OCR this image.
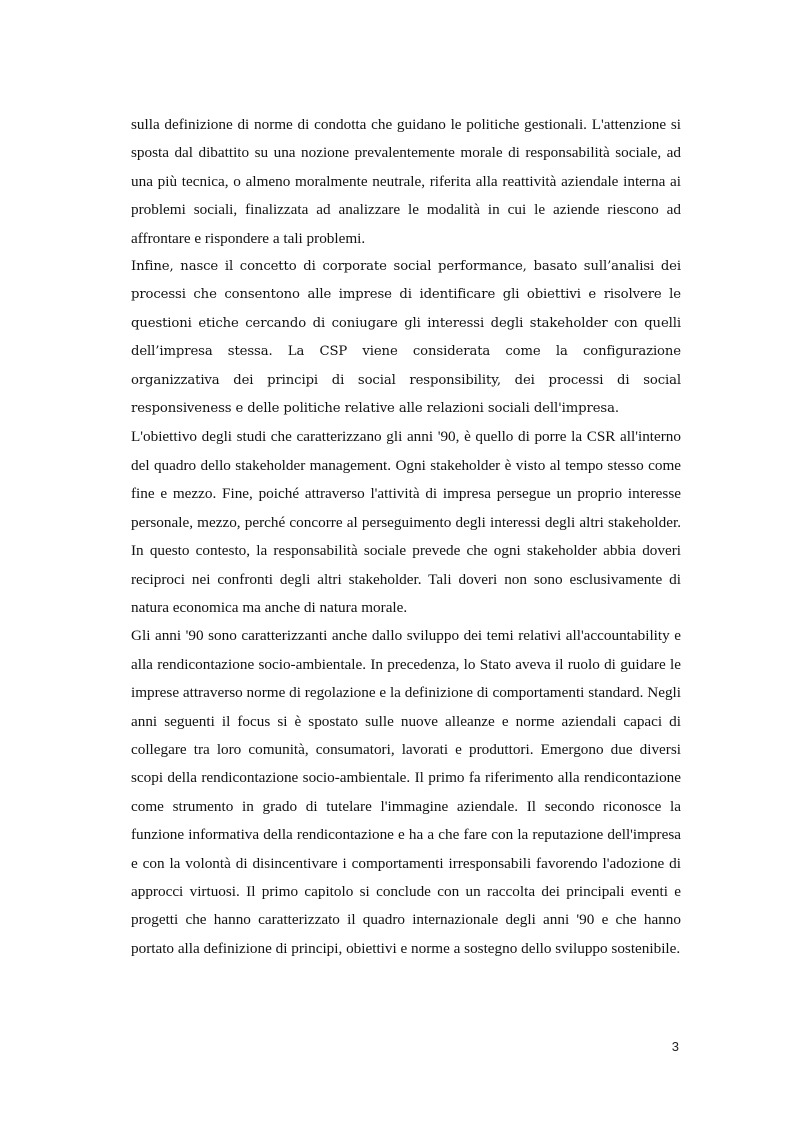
sulla definizione di norme di condotta che guidano le politiche gestionali. L'attenzione si sposta dal dibattito su una nozione prevalentemente morale di responsabilità sociale, ad una più tecnica, o almeno moralmente neutrale, riferita alla reattività aziendale interna ai problemi sociali, finalizzata ad analizzare le modalità in cui le aziende riescono ad affrontare e rispondere a tali problemi.

Infine, nasce il concetto di corporate social performance, basato sull’analisi dei processi che consentono alle imprese di identificare gli obiettivi e risolvere le questioni etiche cercando di coniugare gli interessi degli stakeholder con quelli dell’impresa stessa. La CSP viene considerata come la configurazione organizzativa dei principi di social responsibility, dei processi di social responsiveness e delle politiche relative alle relazioni sociali dell'impresa.

L'obiettivo degli studi che caratterizzano gli anni '90, è quello di porre la CSR all'interno del quadro dello stakeholder management. Ogni stakeholder è visto al tempo stesso come fine e mezzo. Fine, poiché attraverso l'attività di impresa persegue un proprio interesse personale, mezzo, perché concorre al perseguimento degli interessi degli altri stakeholder. In questo contesto, la responsabilità sociale prevede che ogni stakeholder abbia doveri reciproci nei confronti degli altri stakeholder. Tali doveri non sono esclusivamente di natura economica ma anche di natura morale.

Gli anni '90 sono caratterizzanti anche dallo sviluppo dei temi relativi all'accountability e alla rendicontazione socio-ambientale. In precedenza, lo Stato aveva il ruolo di guidare le imprese attraverso norme di regolazione e la definizione di comportamenti standard. Negli anni seguenti il focus si è spostato sulle nuove alleanze e norme aziendali capaci di collegare tra loro comunità, consumatori, lavorati e produttori. Emergono due diversi scopi della rendicontazione socio-ambientale. Il primo fa riferimento alla rendicontazione come strumento in grado di tutelare l'immagine aziendale. Il secondo riconosce la funzione informativa della rendicontazione e ha a che fare con la reputazione dell'impresa e con la volontà di disincentivare i comportamenti irresponsabili favorendo l'adozione di approcci virtuosi. Il primo capitolo si conclude con un raccolta dei principali eventi e progetti che hanno caratterizzato il quadro internazionale degli anni '90 e che hanno portato alla definizione di principi, obiettivi e norme a sostegno dello sviluppo sostenibile.

3
